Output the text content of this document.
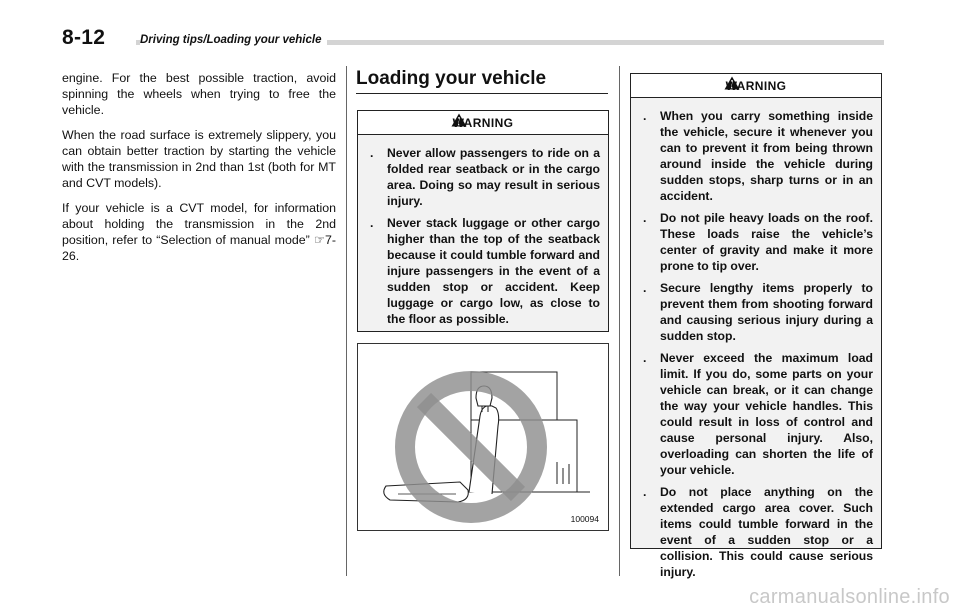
8-12	Driving tips/Loading your vehicle

engine. For the best possible traction, avoid spinning the wheels when trying to free the vehicle.

When the road surface is extremely slippery, you can obtain better traction by starting the vehicle with the transmission in 2nd than 1st (both for MT and CVT models).

If your vehicle is a CVT model, for information about holding the transmission in the 2nd position, refer to “Selection of manual mode” ☞7-26.

Loading your vehicle
WARNING
. Never allow passengers to ride on a folded rear seatback or in the cargo area. Doing so may result in serious injury.
. Never stack luggage or other cargo higher than the top of the seatback because it could tumble forward and injure passengers in the event of a sudden stop or accident. Keep luggage or cargo low, as close to the floor as possible.
100094
WARNING
. When you carry something inside the vehicle, secure it whenever you can to prevent it from being thrown around inside the vehicle during sudden stops, sharp turns or in an accident.
. Do not pile heavy loads on the roof. These loads raise the vehicle’s center of gravity and make it more prone to tip over.
. Secure lengthy items properly to prevent them from shooting forward and causing serious injury during a sudden stop.
. Never exceed the maximum load limit. If you do, some parts on your vehicle can break, or it can change the way your vehicle handles. This could result in loss of control and cause personal injury. Also, overloading can shorten the life of your vehicle.
. Do not place anything on the extended cargo area cover. Such items could tumble forward in the event of a sudden stop or a collision. This could cause serious injury.
carmanualsonline.info
